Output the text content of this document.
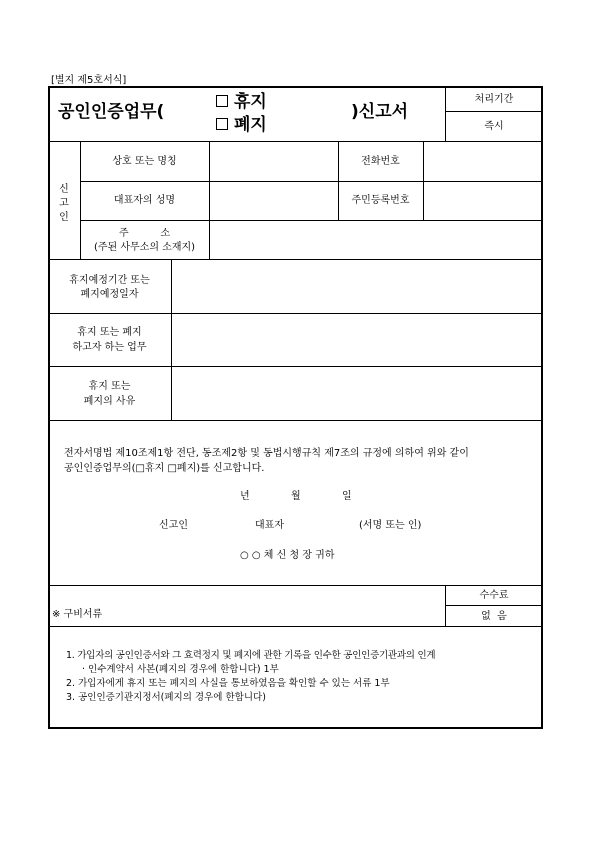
[별지 제5호서식]
공인인증업무(	휴지
폐지
)신고서
처리기간
즉시
신
고
인
상호 또는 명칭	전화번호
대표자의 성명	주민등록번호
주          소
(주된 사무소의 소재지)
휴지예정기간 또는
폐지예정일자
휴지 또는 폐지
하고자 하는 업무
휴지 또는
폐지의 사유
전자서명법 제10조제1항 전단, 동조제2항 및 동법시행규칙 제7조의 규정에 의하여 위와 같이
공인인증업무의(□휴지 □폐지)를 신고합니다.
년	월	일
신고인	대표자	(서명 또는 인)
○ ○ 체 신 청 장 귀하
※ 구비서류
수수료
없  음
1. 가입자의 공인인증서와 그 효력정지 및 폐지에 관한 기록을 인수한 공인인증기관과의 인계
· 인수계약서 사본(폐지의 경우에 한합니다) 1부
2. 가입자에게 휴지 또는 폐지의 사실을 통보하였음을 확인할 수 있는 서류 1부
3. 공인인증기관지정서(폐지의 경우에 한합니다)
